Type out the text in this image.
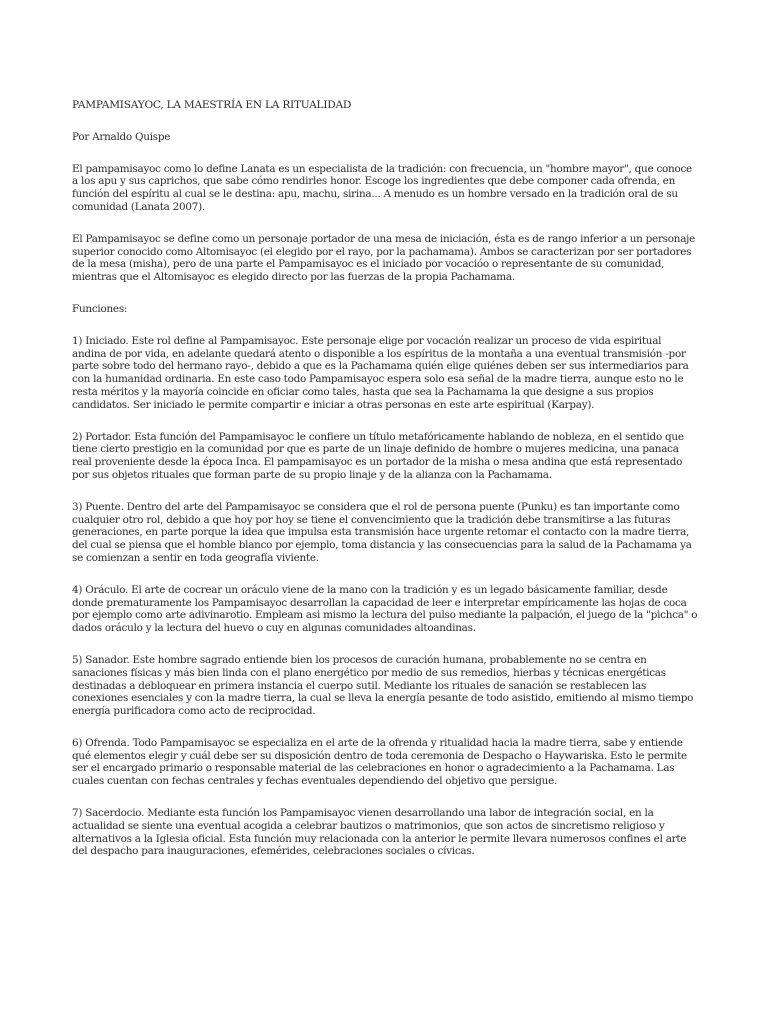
PAMPAMISAYOC, LA MAESTRÍA EN LA RITUALIDAD

Por Arnaldo Quispe

El pampamisayoc como lo define Lanata es un especialista de la tradición: con frecuencia, un "hombre mayor", que conoce a los apu y sus caprichos, que sabe cómo rendirles honor. Escoge los ingredientes que debe componer cada ofrenda, en función del espíritu al cual se le destina: apu, machu, sirina... A menudo es un hombre versado en la tradición oral de su comunidad (Lanata 2007).

El Pampamisayoc se define como un personaje portador de una mesa de iniciación, ésta es de rango inferior a un personaje superior conocido como Altomisayoc (el elegido por el rayo, por la pachamama). Ambos se caracterizan por ser portadores de la mesa (misha), pero de una parte el Pampamisayoc es el iniciado por vocacióo o representante de su comunidad, mientras que el Altomisayoc es elegido directo por las fuerzas de la propia Pachamama.

Funciones:

1) Iniciado. Este rol define al Pampamisayoc. Este personaje elige por vocación realizar un proceso de vida espiritual andina de por vida, en adelante quedará atento o disponible a los espíritus de la montaña a una eventual transmisión -por parte sobre todo del hermano rayo-, debido a que es la Pachamama quién elige quiénes deben ser sus intermediarios para con la humanidad ordinaria. En este caso todo Pampamisayoc espera solo esa señal de la madre tierra, aunque esto no le resta méritos y la mayoría coincide en oficiar como tales, hasta que sea la Pachamama la que designe a sus propios candidatos. Ser iniciado le permite compartir e iniciar a otras personas en este arte espiritual (Karpay).

2) Portador. Esta función del Pampamisayoc le confiere un título metafóricamente hablando de nobleza, en el sentido que tiene cierto prestigio en la comunidad por que es parte de un linaje definido de hombre o mujeres medicina, una panaca real proveniente desde la época Inca. El pampamisayoc es un portador de la misha o mesa andina que está representado por sus objetos rituales que forman parte de su propio linaje y de la alianza con la Pachamama.

3) Puente. Dentro del arte del Pampamisayoc se considera que el rol de persona puente (Punku) es tan importante como cualquier otro rol, debido a que hoy por hoy se tiene el convencimiento que la tradición debe transmitirse a las futuras generaciones, en parte porque la idea que impulsa esta transmisión hace urgente retomar el contacto con la madre tierra, del cual se piensa que el homble blanco por ejemplo, toma distancia y las consecuencias para la salud de la Pachamama ya se comienzan a sentir en toda geografía viviente.

4) Oráculo. El arte de cocrear un oráculo viene de la mano con la tradición y es un legado básicamente familiar, desde donde prematuramente los Pampamisayoc desarrollan la capacidad de leer e interpretar empíricamente las hojas de coca por ejemplo como arte adivinarotio. Empleam asi mismo la lectura del pulso mediante la palpación, el juego de la "pichca" o dados oráculo y la lectura del huevo o cuy en algunas comunidades altoandinas.

5) Sanador. Este hombre sagrado entiende bien los procesos de curación humana, probablemente no se centra en sanaciones físicas y más bien linda con el plano energético por medio de sus remedios, hierbas y técnicas energéticas destinadas a debloquear en primera instancia el cuerpo sutil. Mediante los rituales de sanación se restablecen las conexiones esenciales y con la madre tierra, la cual se lleva la energía pesante de todo asistido, emitiendo al mismo tiempo energía purificadora como acto de reciprocidad.

6) Ofrenda. Todo Pampamisayoc se especializa en el arte de la ofrenda y ritualidad hacia la madre tierra, sabe y entiende qué elementos elegir y cuál debe ser su disposición dentro de toda ceremonia de Despacho o Haywariska. Esto le permite ser el encargado primario o responsable material de las celebraciones en honor o agradecimiento a la Pachamama. Las cuales cuentan con fechas centrales y fechas eventuales dependiendo del objetivo que persigue.

7) Sacerdocio. Mediante esta función los Pampamisayoc vienen desarrollando una labor de integración social, en la actualidad se siente una eventual acogida a celebrar bautizos o matrimonios, que son actos de sincretismo religioso y alternativos a la Iglesia oficial. Esta función muy relacionada con la anterior le permite llevara numerosos confines el arte del despacho para inauguraciones, efemérides, celebraciones sociales o cívicas.
